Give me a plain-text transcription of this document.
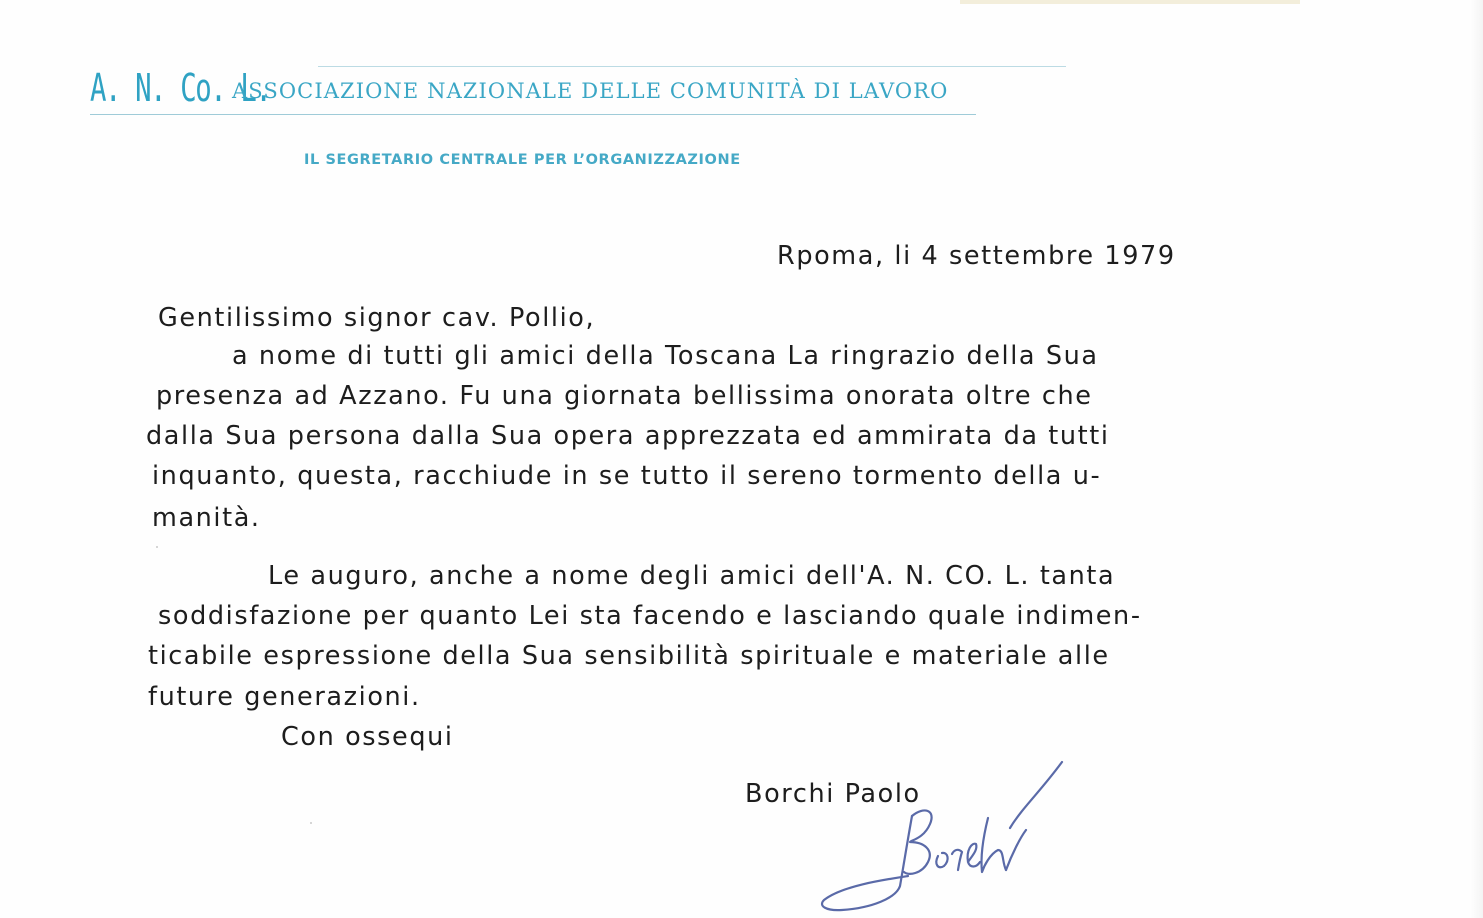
A. N. Co. L.
ASSOCIAZIONE NAZIONALE DELLE COMUNITÀ DI LAVORO
IL SEGRETARIO CENTRALE PER L’ORGANIZZAZIONE
Rpoma, li 4 settembre 1979
Gentilissimo signor cav. Pollio,
a nome di tutti gli amici della Toscana La ringrazio della Sua
presenza ad Azzano. Fu una giornata bellissima onorata oltre che
dalla Sua persona dalla Sua opera apprezzata ed ammirata da tutti
inquanto, questa, racchiude in se tutto il sereno tormento della u-
manità.
Le auguro, anche a nome degli amici dell'A. N. CO. L. tanta
soddisfazione per quanto Lei sta facendo e lasciando quale indimen-
ticabile espressione della Sua sensibilità spirituale e materiale alle
future generazioni.
Con ossequi
Borchi Paolo
